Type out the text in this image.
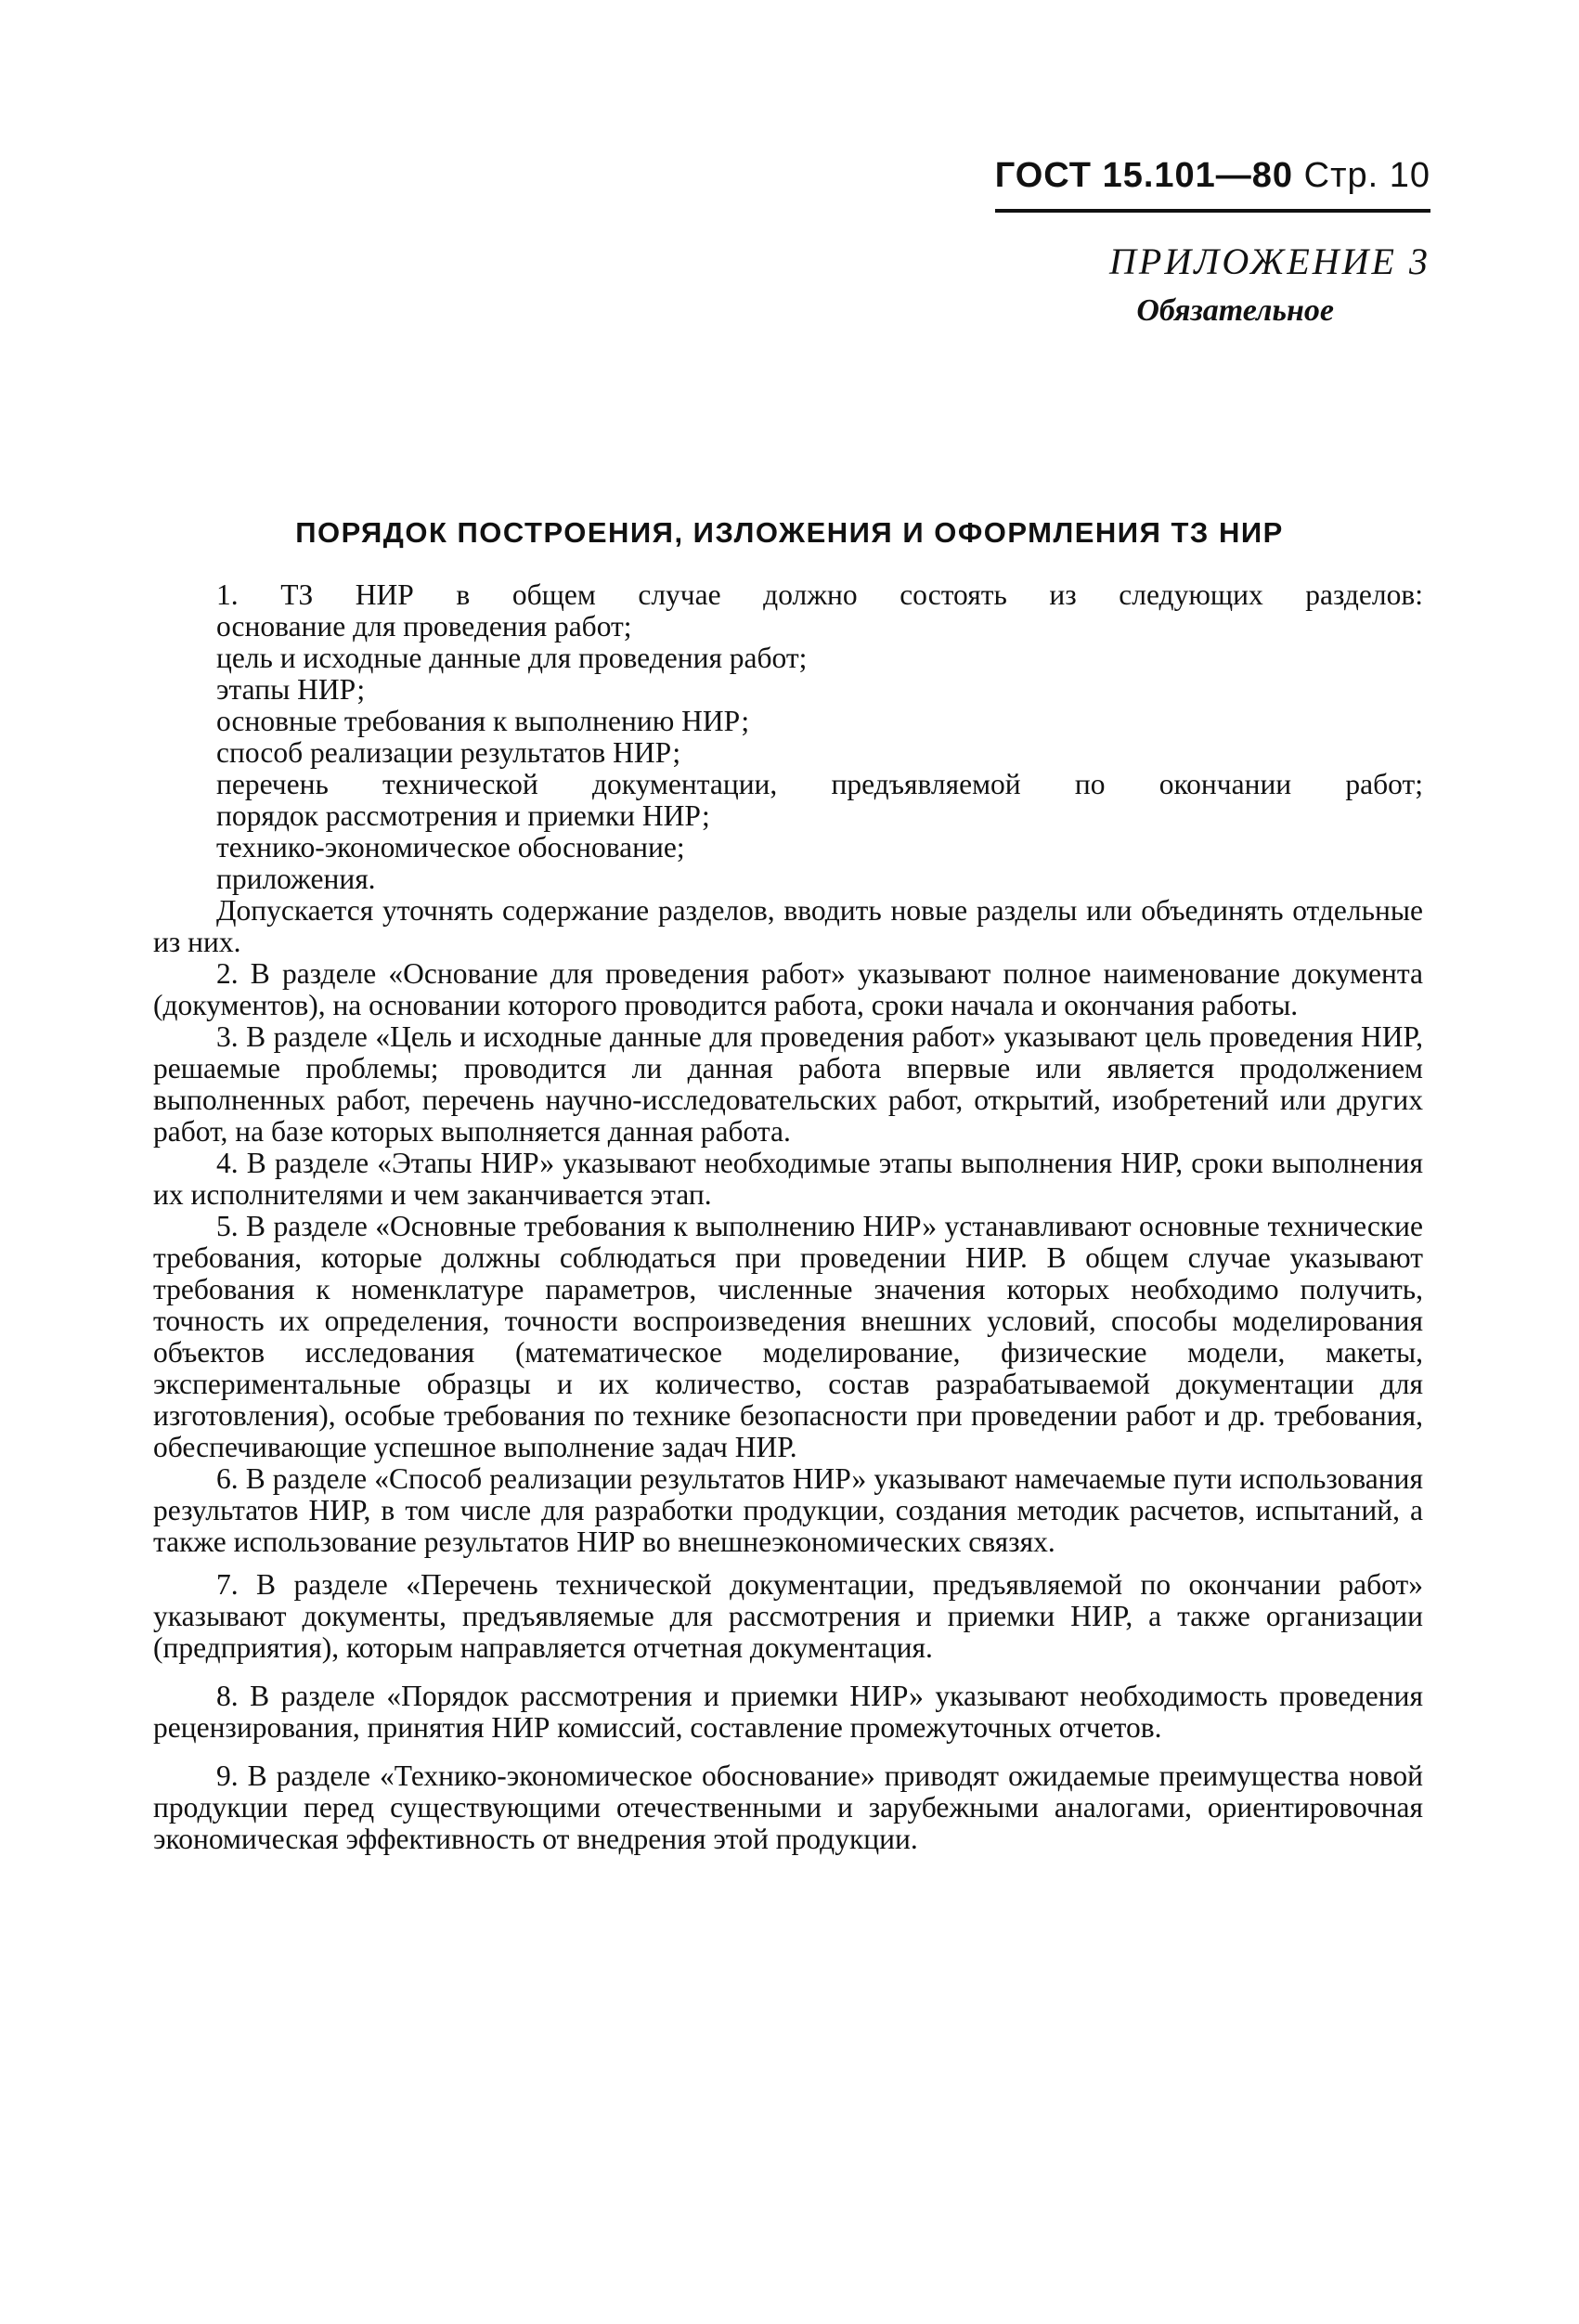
ГОСТ 15.101—80 Стр. 10
ПРИЛОЖЕНИЕ 3
Обязательное
ПОРЯДОК ПОСТРОЕНИЯ, ИЗЛОЖЕНИЯ И ОФОРМЛЕНИЯ ТЗ НИР
1. ТЗ НИР в общем случае должно состоять из следующих разделов:
основание для проведения работ;
цель и исходные данные для проведения работ;
этапы НИР;
основные требования к выполнению НИР;
способ реализации результатов НИР;
перечень технической документации, предъявляемой по окончании работ;
порядок рассмотрения и приемки НИР;
технико-экономическое обоснование;
приложения.

Допускается уточнять содержание разделов, вводить новые разделы или объединять отдельные из них.

2. В разделе «Основание для проведения работ» указывают полное наименование документа (документов), на основании которого проводится работа, сроки начала и окончания работы.

3. В разделе «Цель и исходные данные для проведения работ» указывают цель проведения НИР, решаемые проблемы; проводится ли данная работа впервые или является продолжением выполненных работ, перечень научно-исследовательских работ, открытий, изобретений или других работ, на базе которых выполняется данная работа.

4. В разделе «Этапы НИР» указывают необходимые этапы выполнения НИР, сроки выполнения их исполнителями и чем заканчивается этап.

5. В разделе «Основные требования к выполнению НИР» устанавливают основные технические требования, которые должны соблюдаться при проведении НИР. В общем случае указывают требования к номенклатуре параметров, численные значения которых необходимо получить, точность их определения, точности воспроизведения внешних условий, способы моделирования объектов исследования (математическое моделирование, физические модели, макеты, экспериментальные образцы и их количество, состав разрабатываемой документации для изготовления), особые требования по технике безопасности при проведении работ и др. требования, обеспечивающие успешное выполнение задач НИР.

6. В разделе «Способ реализации результатов НИР» указывают намечаемые пути использования результатов НИР, в том числе для разработки продукции, создания методик расчетов, испытаний, а также использование результатов НИР во внешнеэкономических связях.

7. В разделе «Перечень технической документации, предъявляемой по окончании работ» указывают документы, предъявляемые для рассмотрения и приемки НИР, а также организации (предприятия), которым направляется отчетная документация.

8. В разделе «Порядок рассмотрения и приемки НИР» указывают необходимость проведения рецензирования, принятия НИР комиссий, составление промежуточных отчетов.

9. В разделе «Технико-экономическое обоснование» приводят ожидаемые преимущества новой продукции перед существующими отечественными и зарубежными аналогами, ориентировочная экономическая эффективность от внедрения этой продукции.
